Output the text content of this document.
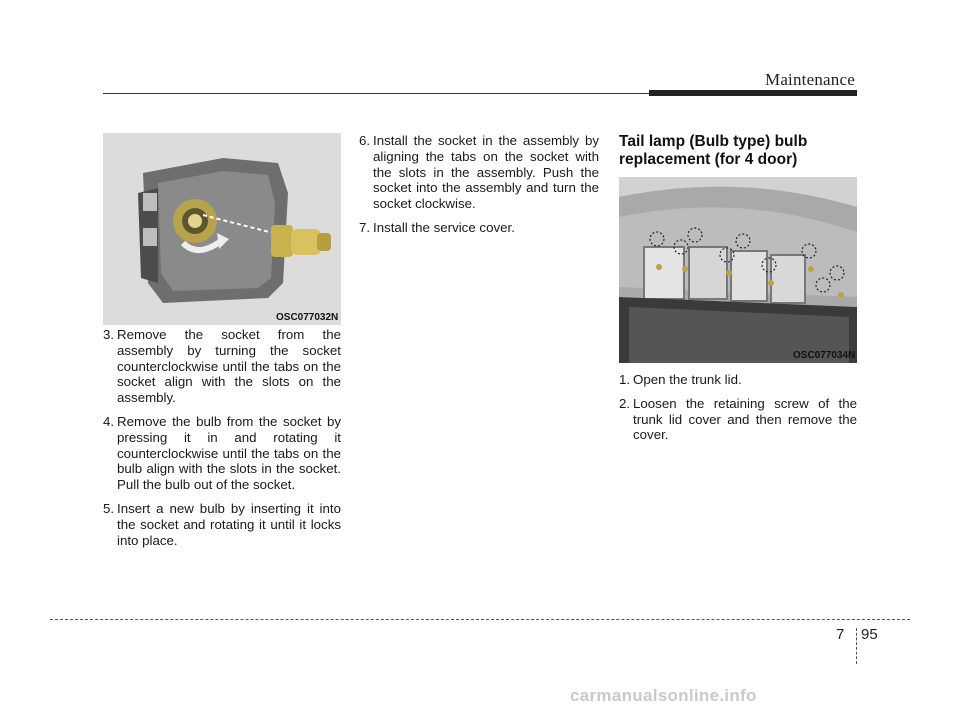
Maintenance
OSC077032N
3. Remove the socket from the assembly by turning the socket counterclockwise until the tabs on the socket align with the slots on the assembly.
4. Remove the bulb from the socket by pressing it in and rotating it counterclockwise until the tabs on the bulb align with the slots in the socket. Pull the bulb out of the socket.
5. Insert a new bulb by inserting it into the socket and rotating it until it locks into place.
6. Install the socket in the assembly by aligning the tabs on the socket with the slots in the assembly. Push the socket into the assembly and turn the socket clockwise.
7. Install the service cover.
Tail lamp (Bulb type) bulb replacement (for 4 door)
OSC077034N
1. Open the trunk lid.
2. Loosen the retaining screw of the trunk lid cover and then remove the cover.
7 95
carmanualsonline.info
